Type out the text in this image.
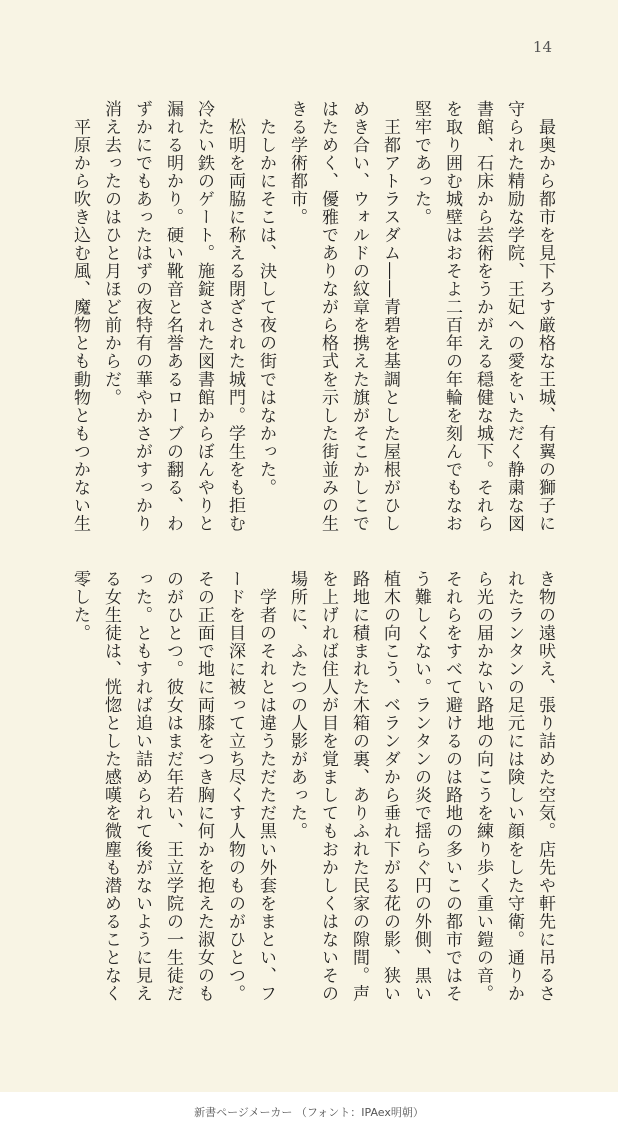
14
　最奥から都市を見下ろす厳格な王城、有翼の獅子に
守られた精励な学院、王妃への愛をいただく静粛な図
書館、石床から芸術をうかがえる穏健な城下。それら
を取り囲む城壁はおそよ二百年の年輪を刻んでもなお
堅牢であった。
　王都アトラスダム――青碧を基調とした屋根がひし
めき合い、ウォルドの紋章を携えた旗がそこかしこで
はためく、優雅でありながら格式を示した街並みの生
きる学術都市。
　たしかにそこは、決して夜の街ではなかった。
　松明を両脇に称える閉ざされた城門。学生をも拒む
冷たい鉄のゲート。施錠された図書館からぼんやりと
漏れる明かり。硬い靴音と名誉あるローブの翻る、わ
ずかにでもあったはずの夜特有の華やかさがすっかり
消え去ったのはひと月ほど前からだ。
　平原から吹き込む風、魔物とも動物ともつかない生
き物の遠吠え、張り詰めた空気。店先や軒先に吊るさ
れたランタンの足元には険しい顔をした守衛。通りか
ら光の届かない路地の向こうを練り歩く重い鎧の音。
それらをすべて避けるのは路地の多いこの都市ではそ
う難しくない。ランタンの炎で揺らぐ円の外側、黒い
植木の向こう、ベランダから垂れ下がる花の影、狭い
路地に積まれた木箱の裏、ありふれた民家の隙間。声
を上げれば住人が目を覚ましてもおかしくはないその
場所に、ふたつの人影があった。
　学者のそれとは違うただただ黒い外套をまとい、フ
ードを目深に被って立ち尽くす人物のものがひとつ。
その正面で地に両膝をつき胸に何かを抱えた淑女のも
のがひとつ。彼女はまだ年若い、王立学院の一生徒だ
った。ともすれば追い詰められて後がないように見え
る女生徒は、恍惚とした感嘆を微塵も潜めることなく
零した。
新書ページメーカー （フォント：IPAex明朝）
